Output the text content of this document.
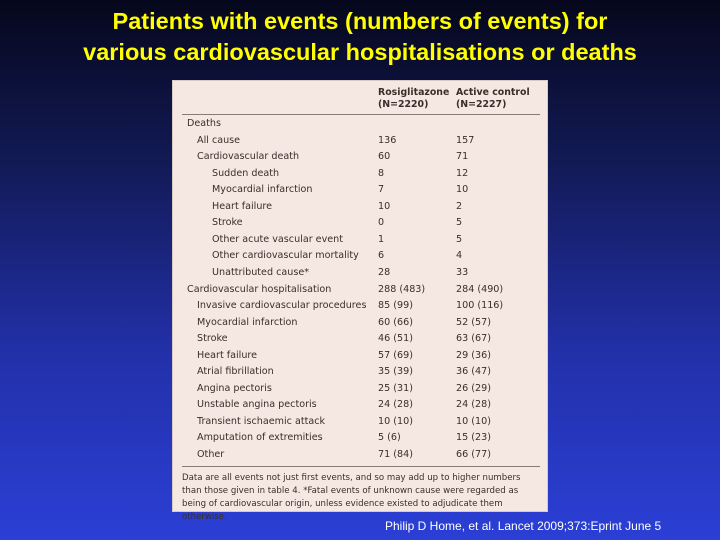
Patients with events (numbers of events) for
various cardiovascular hospitalisations or deaths
Rosiglitazone
(N=2220)
Active control
(N=2227)
Deaths
All cause	136	157
Cardiovascular death	60	71
Sudden death	8	12
Myocardial infarction	7	10
Heart failure	10	2
Stroke	0	5
Other acute vascular event	1	5
Other cardiovascular mortality 6	4
Unattributed cause*	28	33
Cardiovascular hospitalisation	288 (483)	284 (490)
Invasive cardiovascular procedures 85 (99)	100 (116)
Myocardial infarction	60 (66)	52 (57)
Stroke	46 (51)	63 (67)
Heart failure	57 (69)	29 (36)
Atrial fibrillation	35 (39)	36 (47)
Angina pectoris	25 (31)	26 (29)
Unstable angina pectoris	24 (28)	24 (28)
Transient ischaemic attack	10 (10)	10 (10)
Amputation of extremities	5 (6)	15 (23)
Other	71 (84)	66 (77)
Data are all events not just first events, and so may add up to higher numbers than those given in table 4. *Fatal events of unknown cause were regarded as being of cardiovascular origin, unless evidence existed to adjudicate them otherwise.
Philip D Home, et al. Lancet 2009;373:Eprint June 5
